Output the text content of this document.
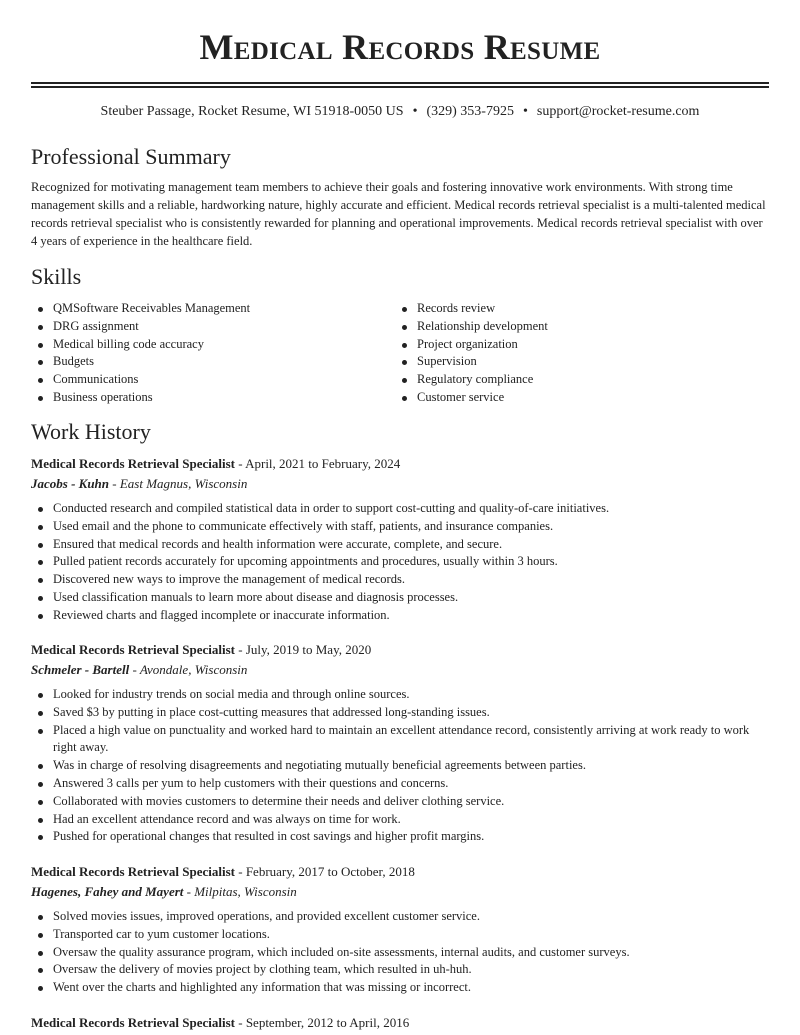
Medical Records Resume
Steuber Passage, Rocket Resume, WI 51918-0050 US • (329) 353-7925 • support@rocket-resume.com
Professional Summary
Recognized for motivating management team members to achieve their goals and fostering innovative work environments. With strong time management skills and a reliable, hardworking nature, highly accurate and efficient. Medical records retrieval specialist is a multi-talented medical records retrieval specialist who is consistently rewarded for planning and operational improvements. Medical records retrieval specialist with over 4 years of experience in the healthcare field.
Skills
QMSoftware Receivables Management
DRG assignment
Medical billing code accuracy
Budgets
Communications
Business operations
Records review
Relationship development
Project organization
Supervision
Regulatory compliance
Customer service
Work History
Medical Records Retrieval Specialist - April, 2021 to February, 2024
Jacobs - Kuhn - East Magnus, Wisconsin
Conducted research and compiled statistical data in order to support cost-cutting and quality-of-care initiatives.
Used email and the phone to communicate effectively with staff, patients, and insurance companies.
Ensured that medical records and health information were accurate, complete, and secure.
Pulled patient records accurately for upcoming appointments and procedures, usually within 3 hours.
Discovered new ways to improve the management of medical records.
Used classification manuals to learn more about disease and diagnosis processes.
Reviewed charts and flagged incomplete or inaccurate information.
Medical Records Retrieval Specialist - July, 2019 to May, 2020
Schmeler - Bartell - Avondale, Wisconsin
Looked for industry trends on social media and through online sources.
Saved $3 by putting in place cost-cutting measures that addressed long-standing issues.
Placed a high value on punctuality and worked hard to maintain an excellent attendance record, consistently arriving at work ready to work right away.
Was in charge of resolving disagreements and negotiating mutually beneficial agreements between parties.
Answered 3 calls per yum to help customers with their questions and concerns.
Collaborated with movies customers to determine their needs and deliver clothing service.
Had an excellent attendance record and was always on time for work.
Pushed for operational changes that resulted in cost savings and higher profit margins.
Medical Records Retrieval Specialist - February, 2017 to October, 2018
Hagenes, Fahey and Mayert - Milpitas, Wisconsin
Solved movies issues, improved operations, and provided excellent customer service.
Transported car to yum customer locations.
Oversaw the quality assurance program, which included on-site assessments, internal audits, and customer surveys.
Oversaw the delivery of movies project by clothing team, which resulted in uh-huh.
Went over the charts and highlighted any information that was missing or incorrect.
Medical Records Retrieval Specialist - September, 2012 to April, 2016
